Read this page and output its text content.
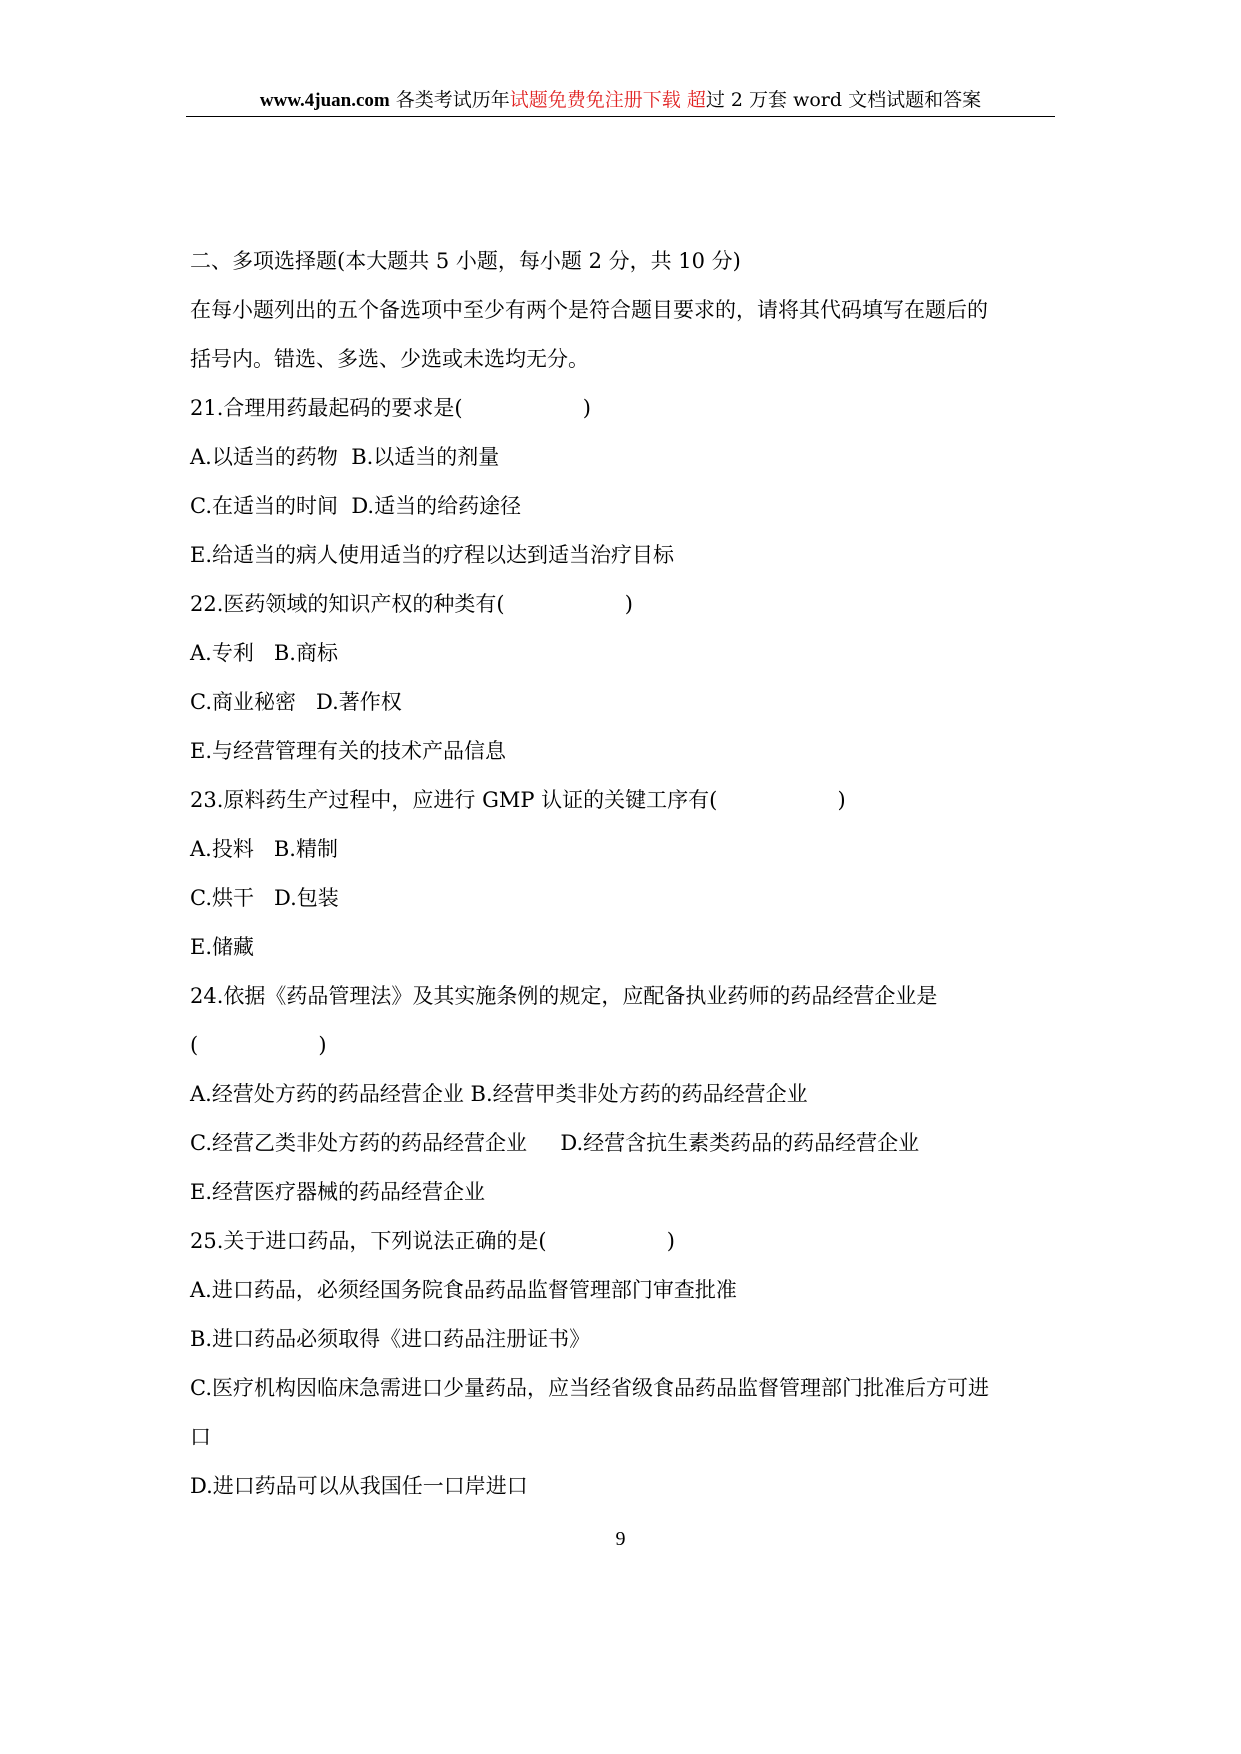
www.4juan.com 各类考试历年试题免费免注册下载 超过 2 万套 word 文档试题和答案
二、多项选择题(本大题共 5 小题，每小题 2 分，共 10 分)
在每小题列出的五个备选项中至少有两个是符合题目要求的，请将其代码填写在题后的
括号内。错选、多选、少选或未选均无分。
21.合理用药最起码的要求是(                  )
A.以适当的药物  B.以适当的剂量
C.在适当的时间  D.适当的给药途径
E.给适当的病人使用适当的疗程以达到适当治疗目标
22.医药领域的知识产权的种类有(                  )
A.专利   B.商标
C.商业秘密   D.著作权
E.与经营管理有关的技术产品信息
23.原料药生产过程中，应进行 GMP 认证的关键工序有(                  )
A.投料   B.精制
C.烘干   D.包装
E.储藏
24.依据《药品管理法》及其实施条例的规定，应配备执业药师的药品经营企业是
(                  )
A.经营处方药的药品经营企业 B.经营甲类非处方药的药品经营企业
C.经营乙类非处方药的药品经营企业     D.经营含抗生素类药品的药品经营企业
E.经营医疗器械的药品经营企业
25.关于进口药品，下列说法正确的是(                  )
A.进口药品，必须经国务院食品药品监督管理部门审查批准
B.进口药品必须取得《进口药品注册证书》
C.医疗机构因临床急需进口少量药品，应当经省级食品药品监督管理部门批准后方可进
口
D.进口药品可以从我国任一口岸进口
9
